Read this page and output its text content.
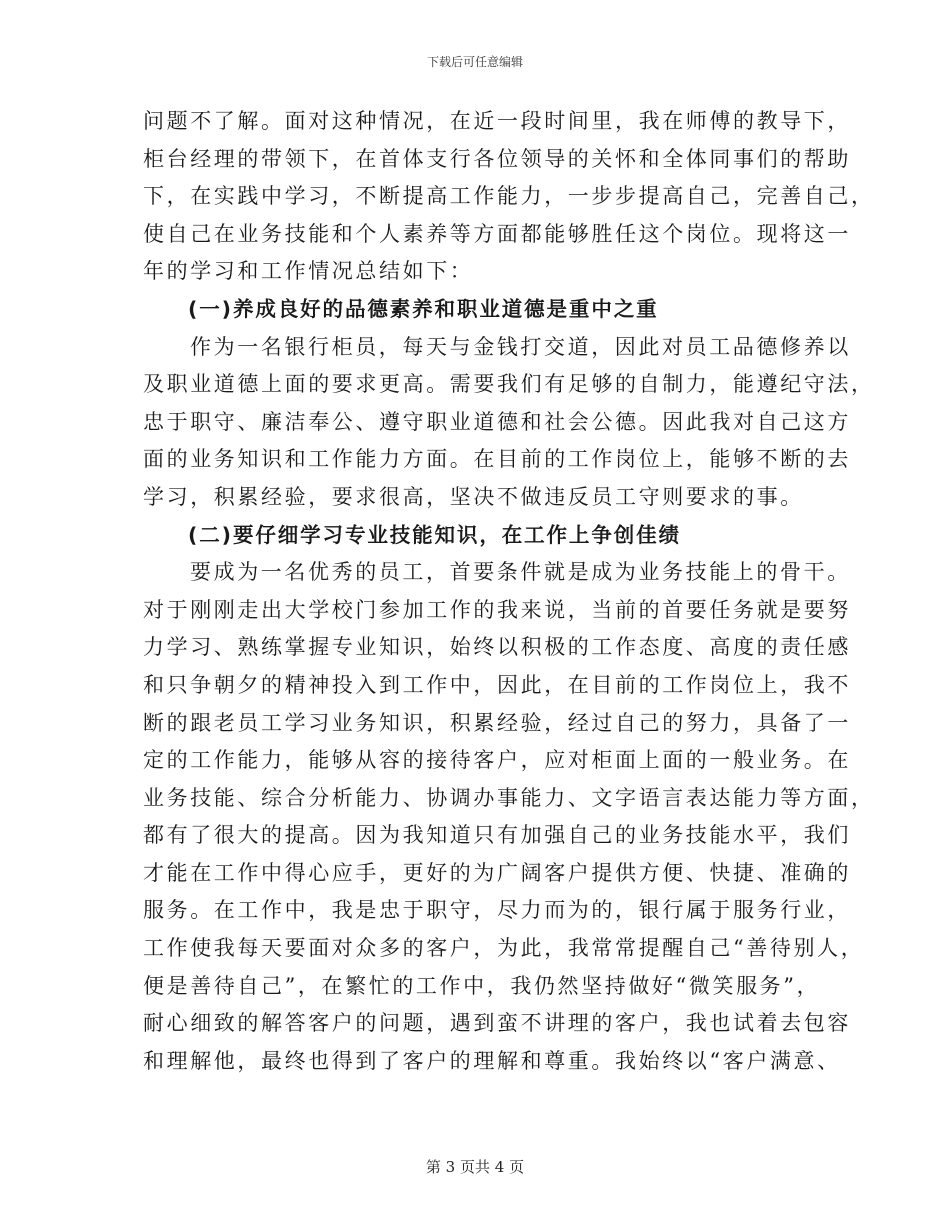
下载后可任意编辑
问题不了解。面对这种情况，在近一段时间里，我在师傅的教导下，
柜台经理的带领下，在首体支行各位领导的关怀和全体同事们的帮助
下，在实践中学习，不断提高工作能力，一步步提高自己，完善自己，
使自己在业务技能和个人素养等方面都能够胜任这个岗位。现将这一
年的学习和工作情况总结如下：
(一)养成良好的品德素养和职业道德是重中之重
作为一名银行柜员，每天与金钱打交道，因此对员工品德修养以
及职业道德上面的要求更高。需要我们有足够的自制力，能遵纪守法，
忠于职守、廉洁奉公、遵守职业道德和社会公德。因此我对自己这方
面的业务知识和工作能力方面。在目前的工作岗位上，能够不断的去
学习，积累经验，要求很高，坚决不做违反员工守则要求的事。
(二)要仔细学习专业技能知识，在工作上争创佳绩
要成为一名优秀的员工，首要条件就是成为业务技能上的骨干。
对于刚刚走出大学校门参加工作的我来说，当前的首要任务就是要努
力学习、熟练掌握专业知识，始终以积极的工作态度、高度的责任感
和只争朝夕的精神投入到工作中，因此，在目前的工作岗位上，我不
断的跟老员工学习业务知识，积累经验，经过自己的努力，具备了一
定的工作能力，能够从容的接待客户，应对柜面上面的一般业务。在
业务技能、综合分析能力、协调办事能力、文字语言表达能力等方面，
都有了很大的提高。因为我知道只有加强自己的业务技能水平，我们
才能在工作中得心应手，更好的为广阔客户提供方便、快捷、准确的
服务。在工作中，我是忠于职守，尽力而为的，银行属于服务行业，
工作使我每天要面对众多的客户，为此，我常常提醒自己“善待别人，
便是善待自己”，在繁忙的工作中，我仍然坚持做好“微笑服务”，
耐心细致的解答客户的问题，遇到蛮不讲理的客户，我也试着去包容
和理解他，最终也得到了客户的理解和尊重。我始终以“客户满意、
第 3 页共 4 页
